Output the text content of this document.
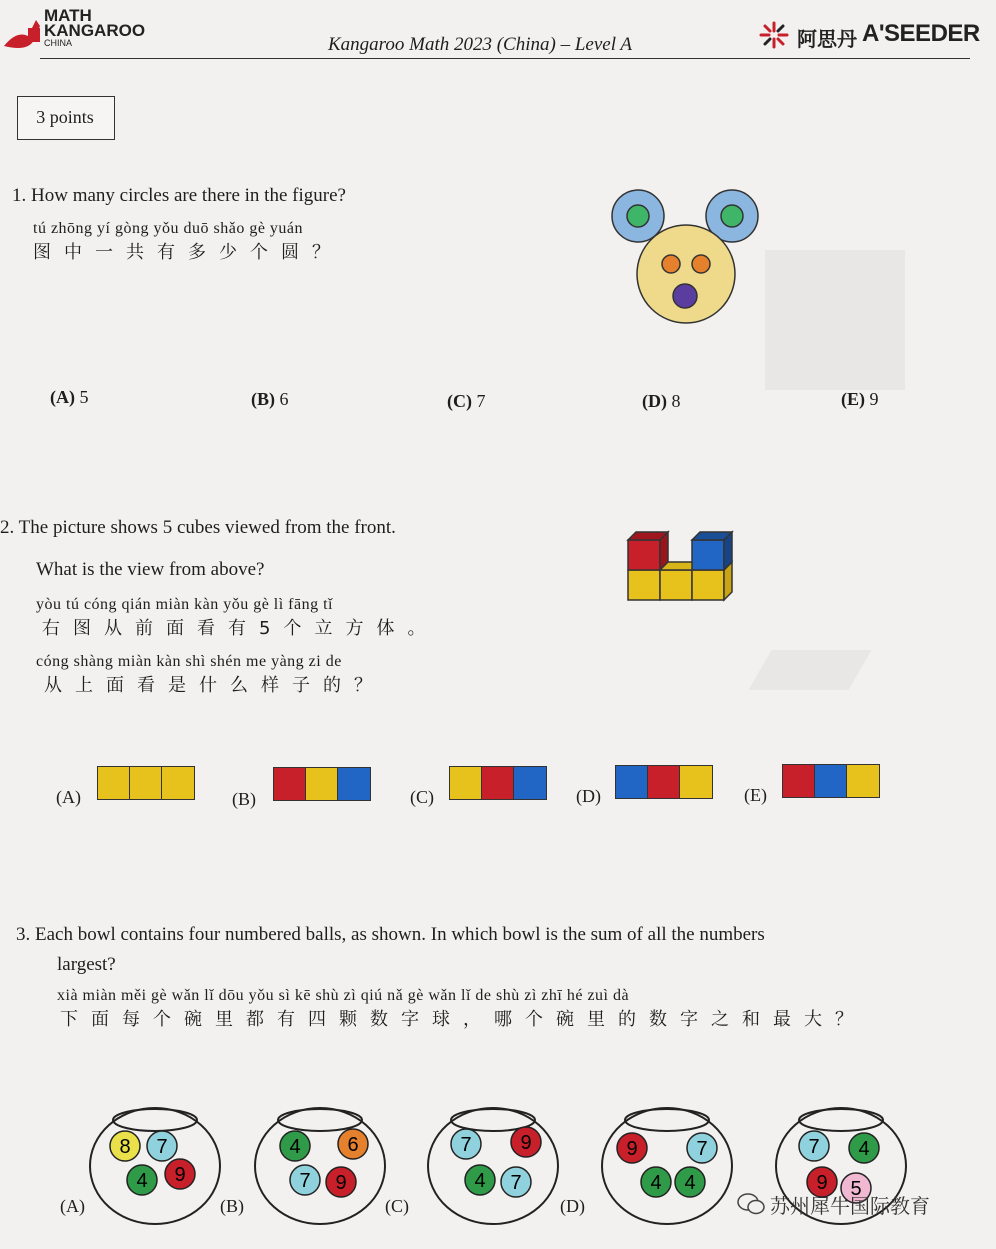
MATH
KANGAROO
CHINA	Kangaroo Math 2023 (China) – Level A	阿思丹 A'SEEDER
3 points
1. How many circles are there in the figure?
tú zhōng yí gòng yǒu duō shǎo gè yuán
图中一共有多少个圆？
(A) 5	(B) 6	(C) 7	(D) 8	(E) 9
2. The picture shows 5 cubes viewed from the front.
What is the view from above?
yòu tú cóng qián miàn kàn yǒu gè lì fāng tǐ
右图从前面看有5个立方体。
cóng shàng miàn kàn shì shén me yàng zi de
从上面看是什么样子的？
(A)	(B)	(C)	(D)	(E)
3. Each bowl contains four numbered balls, as shown. In which bowl is the sum of all the numbers
largest?
xià miàn měi gè wǎn lǐ dōu yǒu sì kē shù zì qiú nǎ gè wǎn lǐ de shù zì zhī hé zuì dà
下面每个碗里都有四颗数字球，哪个碗里的数字之和最大？
8 7
4 9
4 6
7 9
7 9
4 7
9	7
4 4
7 4
9 5
(A)	(B)	(C)	(D)	苏州犀牛国际教育
